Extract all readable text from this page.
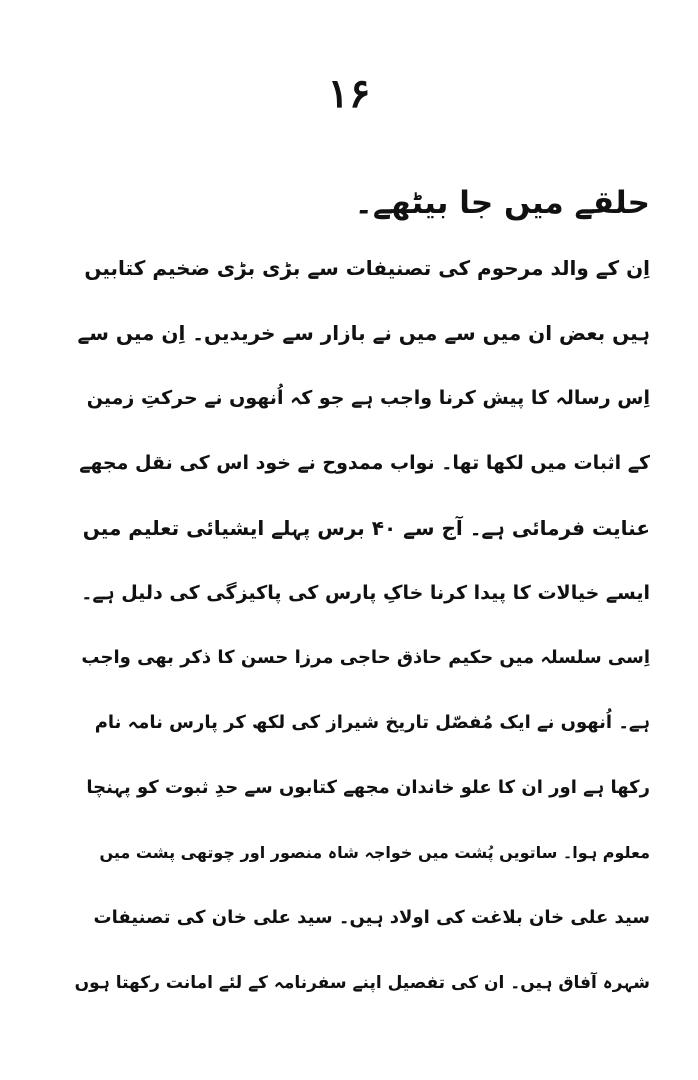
۱۶
حلقے میں جا بیٹھے۔
اِن کے والد مرحوم کی تصنیفات سے بڑی بڑی ضخیم کتابیں
ہیں بعض ان میں سے میں نے بازار سے خریدیں۔ اِن میں سے
اِس رسالہ کا پیش کرنا واجب ہے جو کہ اُنھوں نے حرکتِ زمین
کے اثبات میں لکھا تھا۔ نواب ممدوح نے خود اس کی نقل مجھے
عنایت فرمائی ہے۔ آج سے ۴۰ برس پہلے ایشیائی تعلیم میں
ایسے خیالات کا پیدا کرنا خاکِ پارس کی پاکیزگی کی دلیل ہے۔
اِسی سلسلہ میں حکیم حاذق حاجی مرزا حسن کا ذکر بھی واجب
ہے۔ اُنھوں نے ایک مُفصّل تاریخ شیراز کی لکھ کر پارس نامہ نام
رکھا ہے اور ان کا علو خاندان مجھے کتابوں سے حدِ ثبوت کو پہنچا
معلوم ہوا۔ ساتویں پُشت میں خواجہ شاہ منصور اور چوتھی پشت میں
سید علی خان بلاغت کی اولاد ہیں۔ سید علی خان کی تصنیفات
شہرہ آفاق ہیں۔ ان کی تفصیل اپنے سفرنامہ کے لئے امانت رکھتا ہوں
